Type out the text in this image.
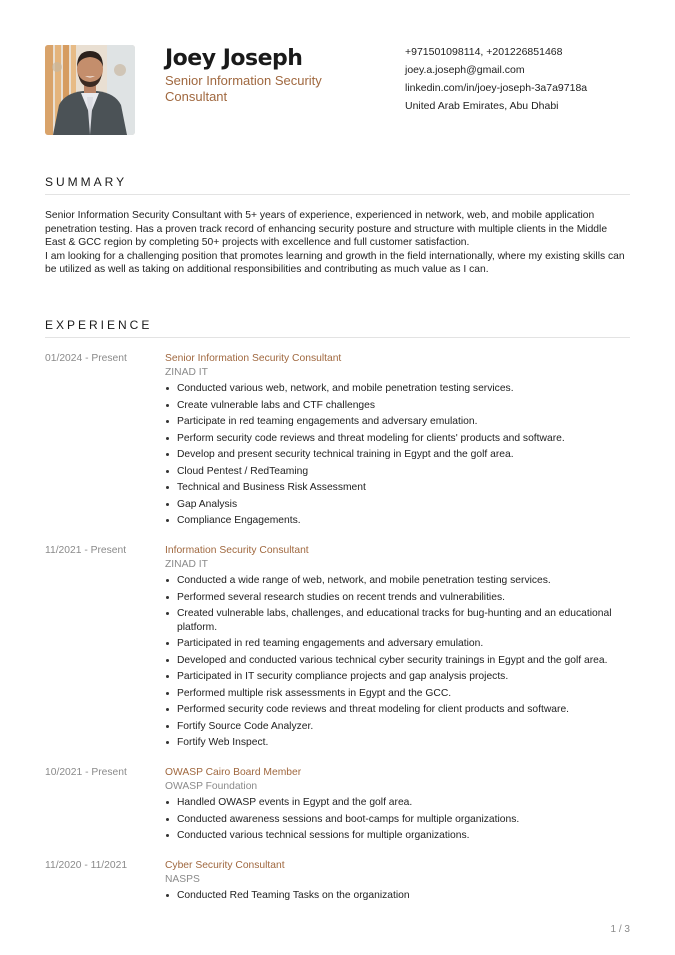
Joey Joseph
Senior Information Security Consultant
+971501098114, +201226851468
joey.a.joseph@gmail.com
linkedin.com/in/joey-joseph-3a7a9718a
United Arab Emirates, Abu Dhabi
SUMMARY
Senior Information Security Consultant with 5+ years of experience, experienced in network, web, and mobile application penetration testing. Has a proven track record of enhancing security posture and structure with multiple clients in the Middle East & GCC region by completing 50+ projects with excellence and full customer satisfaction.
I am looking for a challenging position that promotes learning and growth in the field internationally, where my existing skills can be utilized as well as taking on additional responsibilities and contributing as much value as I can.
EXPERIENCE
01/2024 - Present	Senior Information Security Consultant
ZINAD IT
Conducted various web, network, and mobile penetration testing services.
Create vulnerable labs and CTF challenges
Participate in red teaming engagements and adversary emulation.
Perform security code reviews and threat modeling for clients' products and software.
Develop and present security technical training in Egypt and the golf area.
Cloud Pentest / RedTeaming
Technical and Business Risk Assessment
Gap Analysis
Compliance Engagements.
11/2021 - Present	Information Security Consultant
ZINAD IT
Conducted a wide range of web, network, and mobile penetration testing services.
Performed several research studies on recent trends and vulnerabilities.
Created vulnerable labs, challenges, and educational tracks for bug-hunting and an educational platform.
Participated in red teaming engagements and adversary emulation.
Developed and conducted various technical cyber security trainings in Egypt and the golf area.
Participated in IT security compliance projects and gap analysis projects.
Performed multiple risk assessments in Egypt and the GCC.
Performed security code reviews and threat modeling for client products and software.
Fortify Source Code Analyzer.
Fortify Web Inspect.
10/2021 - Present	OWASP Cairo Board Member
OWASP Foundation
Handled OWASP events in Egypt and the golf area.
Conducted awareness sessions and boot-camps for multiple organizations.
Conducted various technical sessions for multiple organizations.
11/2020 - 11/2021	Cyber Security Consultant
NASPS
Conducted Red Teaming Tasks on the organization
1 / 3
